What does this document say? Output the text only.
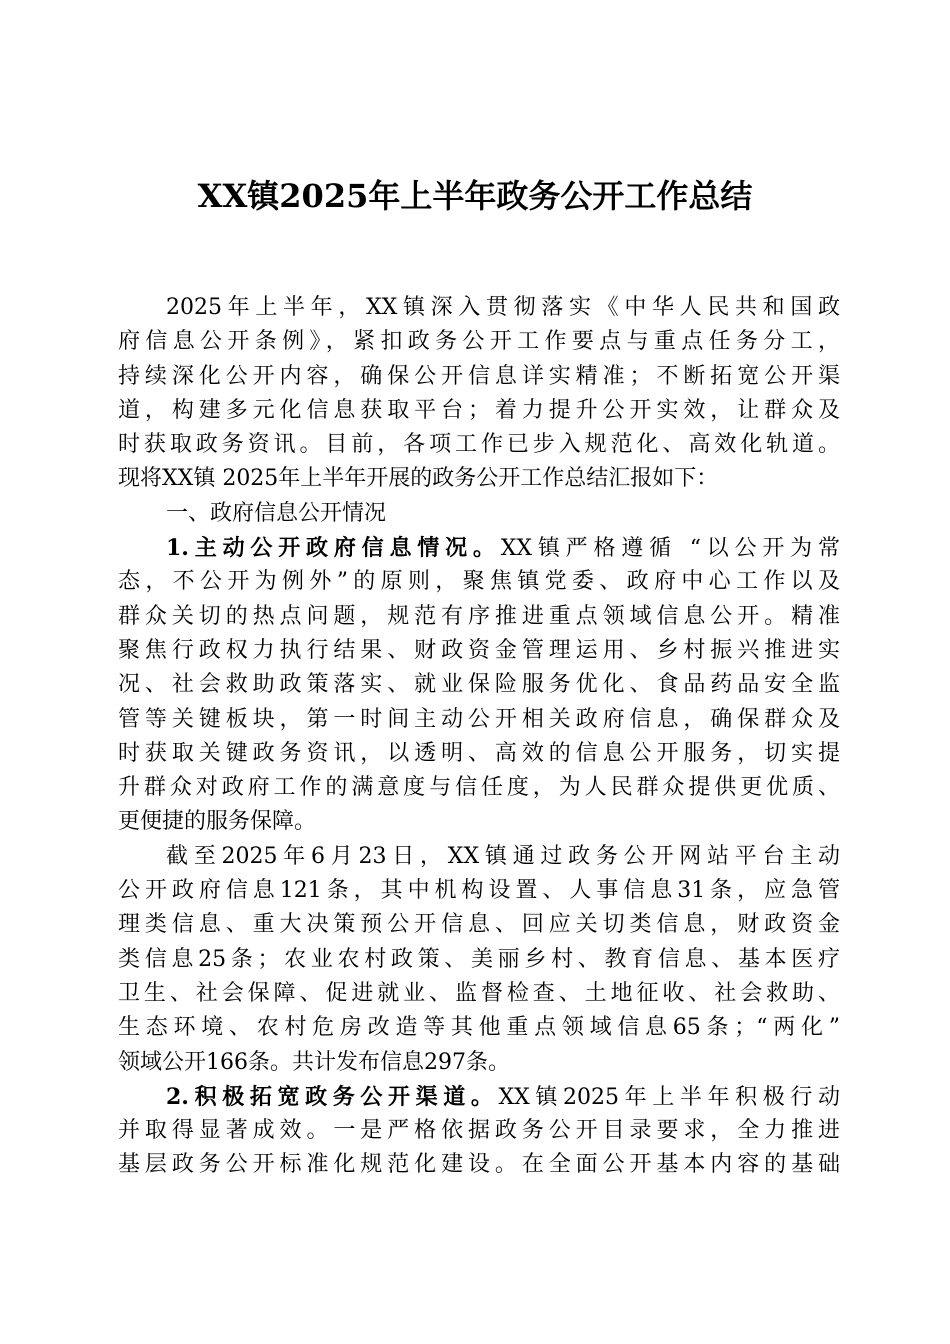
XX镇2025年上半年政务公开工作总结
2025年上半年，XX镇深入贯彻落实《中华人民共和国政
府信息公开条例》，紧扣政务公开工作要点与重点任务分工，
持续深化公开内容，确保公开信息详实精准；不断拓宽公开渠
道，构建多元化信息获取平台；着力提升公开实效，让群众及
时获取政务资讯。目前，各项工作已步入规范化、高效化轨道。
现将XX镇 2025年上半年开展的政务公开工作总结汇报如下：
一、政府信息公开情况
1.主动公开政府信息情况。XX镇严格遵循 “以公开为常
态，不公开为例外”的原则，聚焦镇党委、政府中心工作以及
群众关切的热点问题，规范有序推进重点领域信息公开。精准
聚焦行政权力执行结果、财政资金管理运用、乡村振兴推进实
况、社会救助政策落实、就业保险服务优化、食品药品安全监
管等关键板块，第一时间主动公开相关政府信息，确保群众及
时获取关键政务资讯，以透明、高效的信息公开服务，切实提
升群众对政府工作的满意度与信任度，为人民群众提供更优质、
更便捷的服务保障。
截至2025年6月23日，XX镇通过政务公开网站平台主动
公开政府信息121条，其中机构设置、人事信息31条，应急管
理类信息、重大决策预公开信息、回应关切类信息，财政资金
类信息25条；农业农村政策、美丽乡村、教育信息、基本医疗
卫生、社会保障、促进就业、监督检查、土地征收、社会救助、
生态环境、农村危房改造等其他重点领域信息65条；“两化”
领域公开166条。共计发布信息297条。
2.积极拓宽政务公开渠道。XX镇2025年上半年积极行动
并取得显著成效。一是严格依据政务公开目录要求，全力推进
基层政务公开标准化规范化建设。在全面公开基本内容的基础
